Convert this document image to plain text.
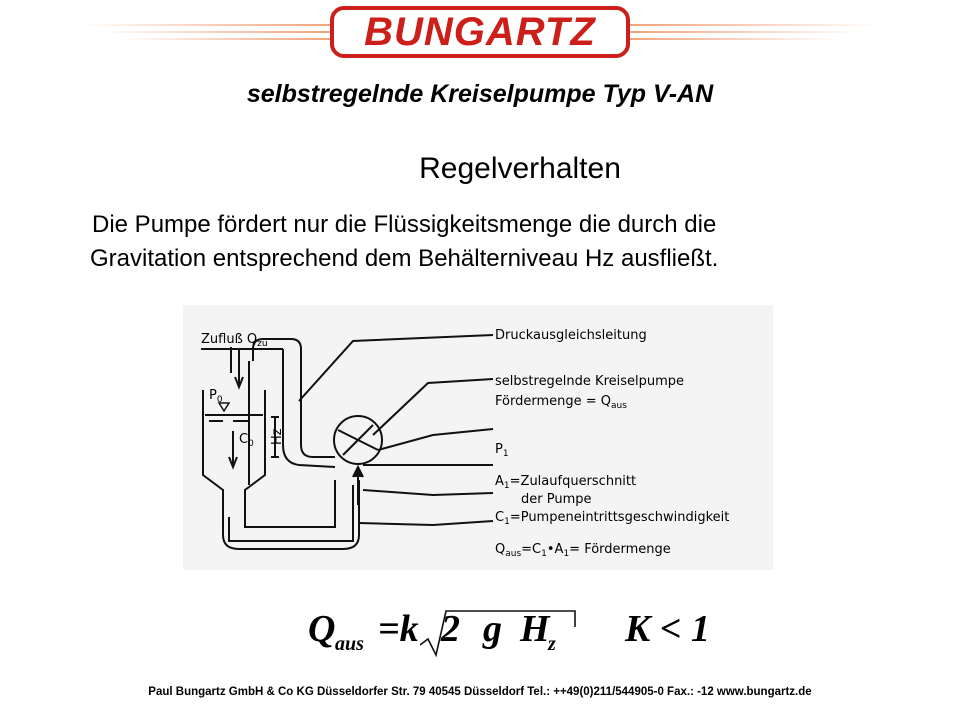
BUNGARTZ
selbstregelnde Kreiselpumpe Typ V-AN
Regelverhalten
Die Pumpe fördert nur die Flüssigkeitsmenge die durch die
Gravitation entsprechend dem Behälterniveau Hz ausfließt.
Zufluß $Q_{zu}$
$P_0$
$C_0$ Hz
Druckausgleichsleitung
selbstregelnde Kreiselpumpe
Fördermenge = $Q_{aus}$
$P_1$
$A_1=Zulaufquerschnitt$
der Pumpe
$C_1=Pumpeneintrittsgeschwindigkeit$
$Q_{aus}=C_1•A_1=$ Fördermenge
Q aus =k 2 g H
z K < 1
Paul Bungartz GmbH & Co KG Düsseldorfer Str. 79 40545 Düsseldorf Tel.: ++49(0)211/544905-0 Fax.: -12 www.bungartz.de
